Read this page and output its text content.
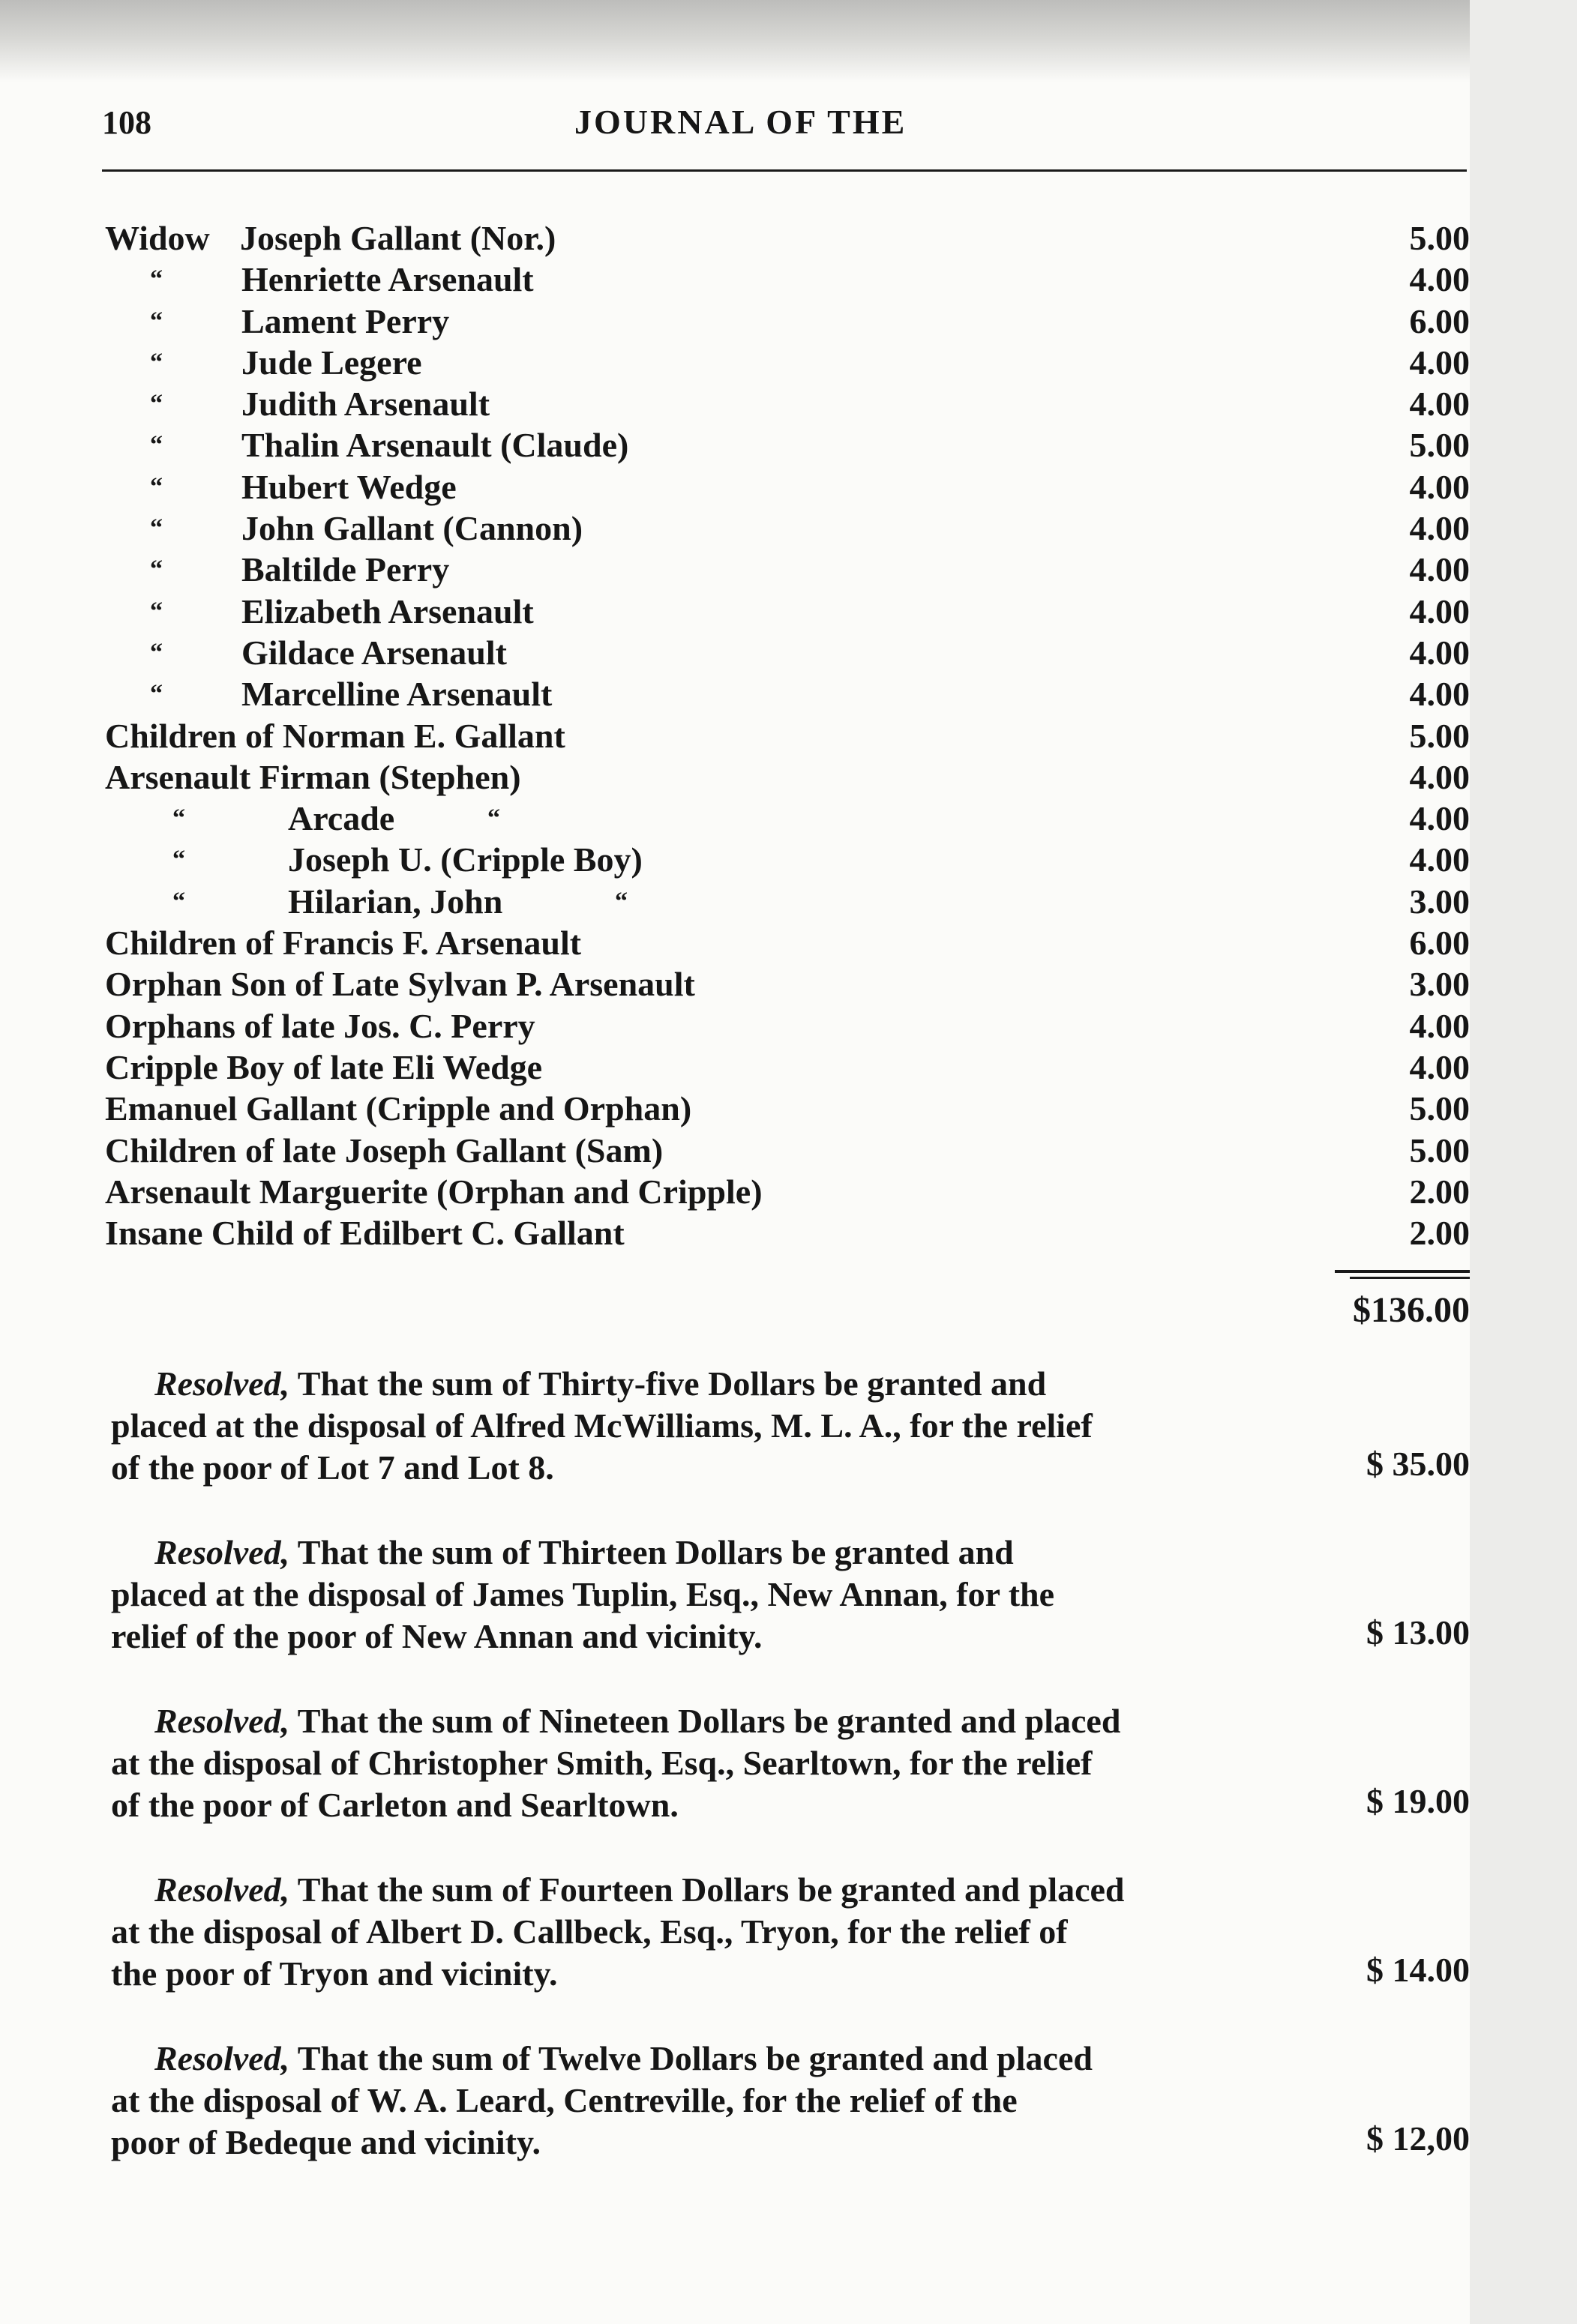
108	JOURNAL OF THE
Widow Joseph Gallant (Nor.)	5.00
“ Henriette Arsenault	4.00
“ Lament Perry	6.00
“ Jude Legere	4.00
“ Judith Arsenault	4.00
“ Thalin Arsenault (Claude)	5.00
“ Hubert Wedge	4.00
“ John Gallant (Cannon)	4.00
“ Baltilde Perry	4.00
“ Elizabeth Arsenault	4.00
“ Gildace Arsenault	4.00
“ Marcelline Arsenault	4.00
Children of Norman E. Gallant	5.00
Arsenault Firman (Stephen)	4.00
“	Arcade	“	4.00
“	Joseph U. (Cripple Boy)	4.00
“	Hilarian, John	“	3.00
Children of Francis F. Arsenault	6.00
Orphan Son of Late Sylvan P. Arsenault	3.00
Orphans of late Jos. C. Perry	4.00
Cripple Boy of late Eli Wedge	4.00
Emanuel Gallant (Cripple and Orphan)	5.00
Children of late Joseph Gallant (Sam)	5.00
Arsenault Marguerite (Orphan and Cripple)	2.00
Insane Child of Edilbert C. Gallant	2.00
$136.00
Resolved, That the sum of Thirty-five Dollars be granted and
placed at the disposal of Alfred McWilliams, M. L. A., for the relief
of the poor of Lot 7 and Lot 8.	$ 35.00
Resolved, That the sum of Thirteen Dollars be granted and
placed at the disposal of James Tuplin, Esq., New Annan, for the
relief of the poor of New Annan and vicinity.	$ 13.00
Resolved, That the sum of Nineteen Dollars be granted and placed
at the disposal of Christopher Smith, Esq., Searltown, for the relief
of the poor of Carleton and Searltown.	$ 19.00
Resolved, That the sum of Fourteen Dollars be granted and placed
at the disposal of Albert D. Callbeck, Esq., Tryon, for the relief of
the poor of Tryon and vicinity.	$ 14.00
Resolved, That the sum of Twelve Dollars be granted and placed
at the disposal of W. A. Leard, Centreville, for the relief of the
poor of Bedeque and vicinity.	$ 12,00
